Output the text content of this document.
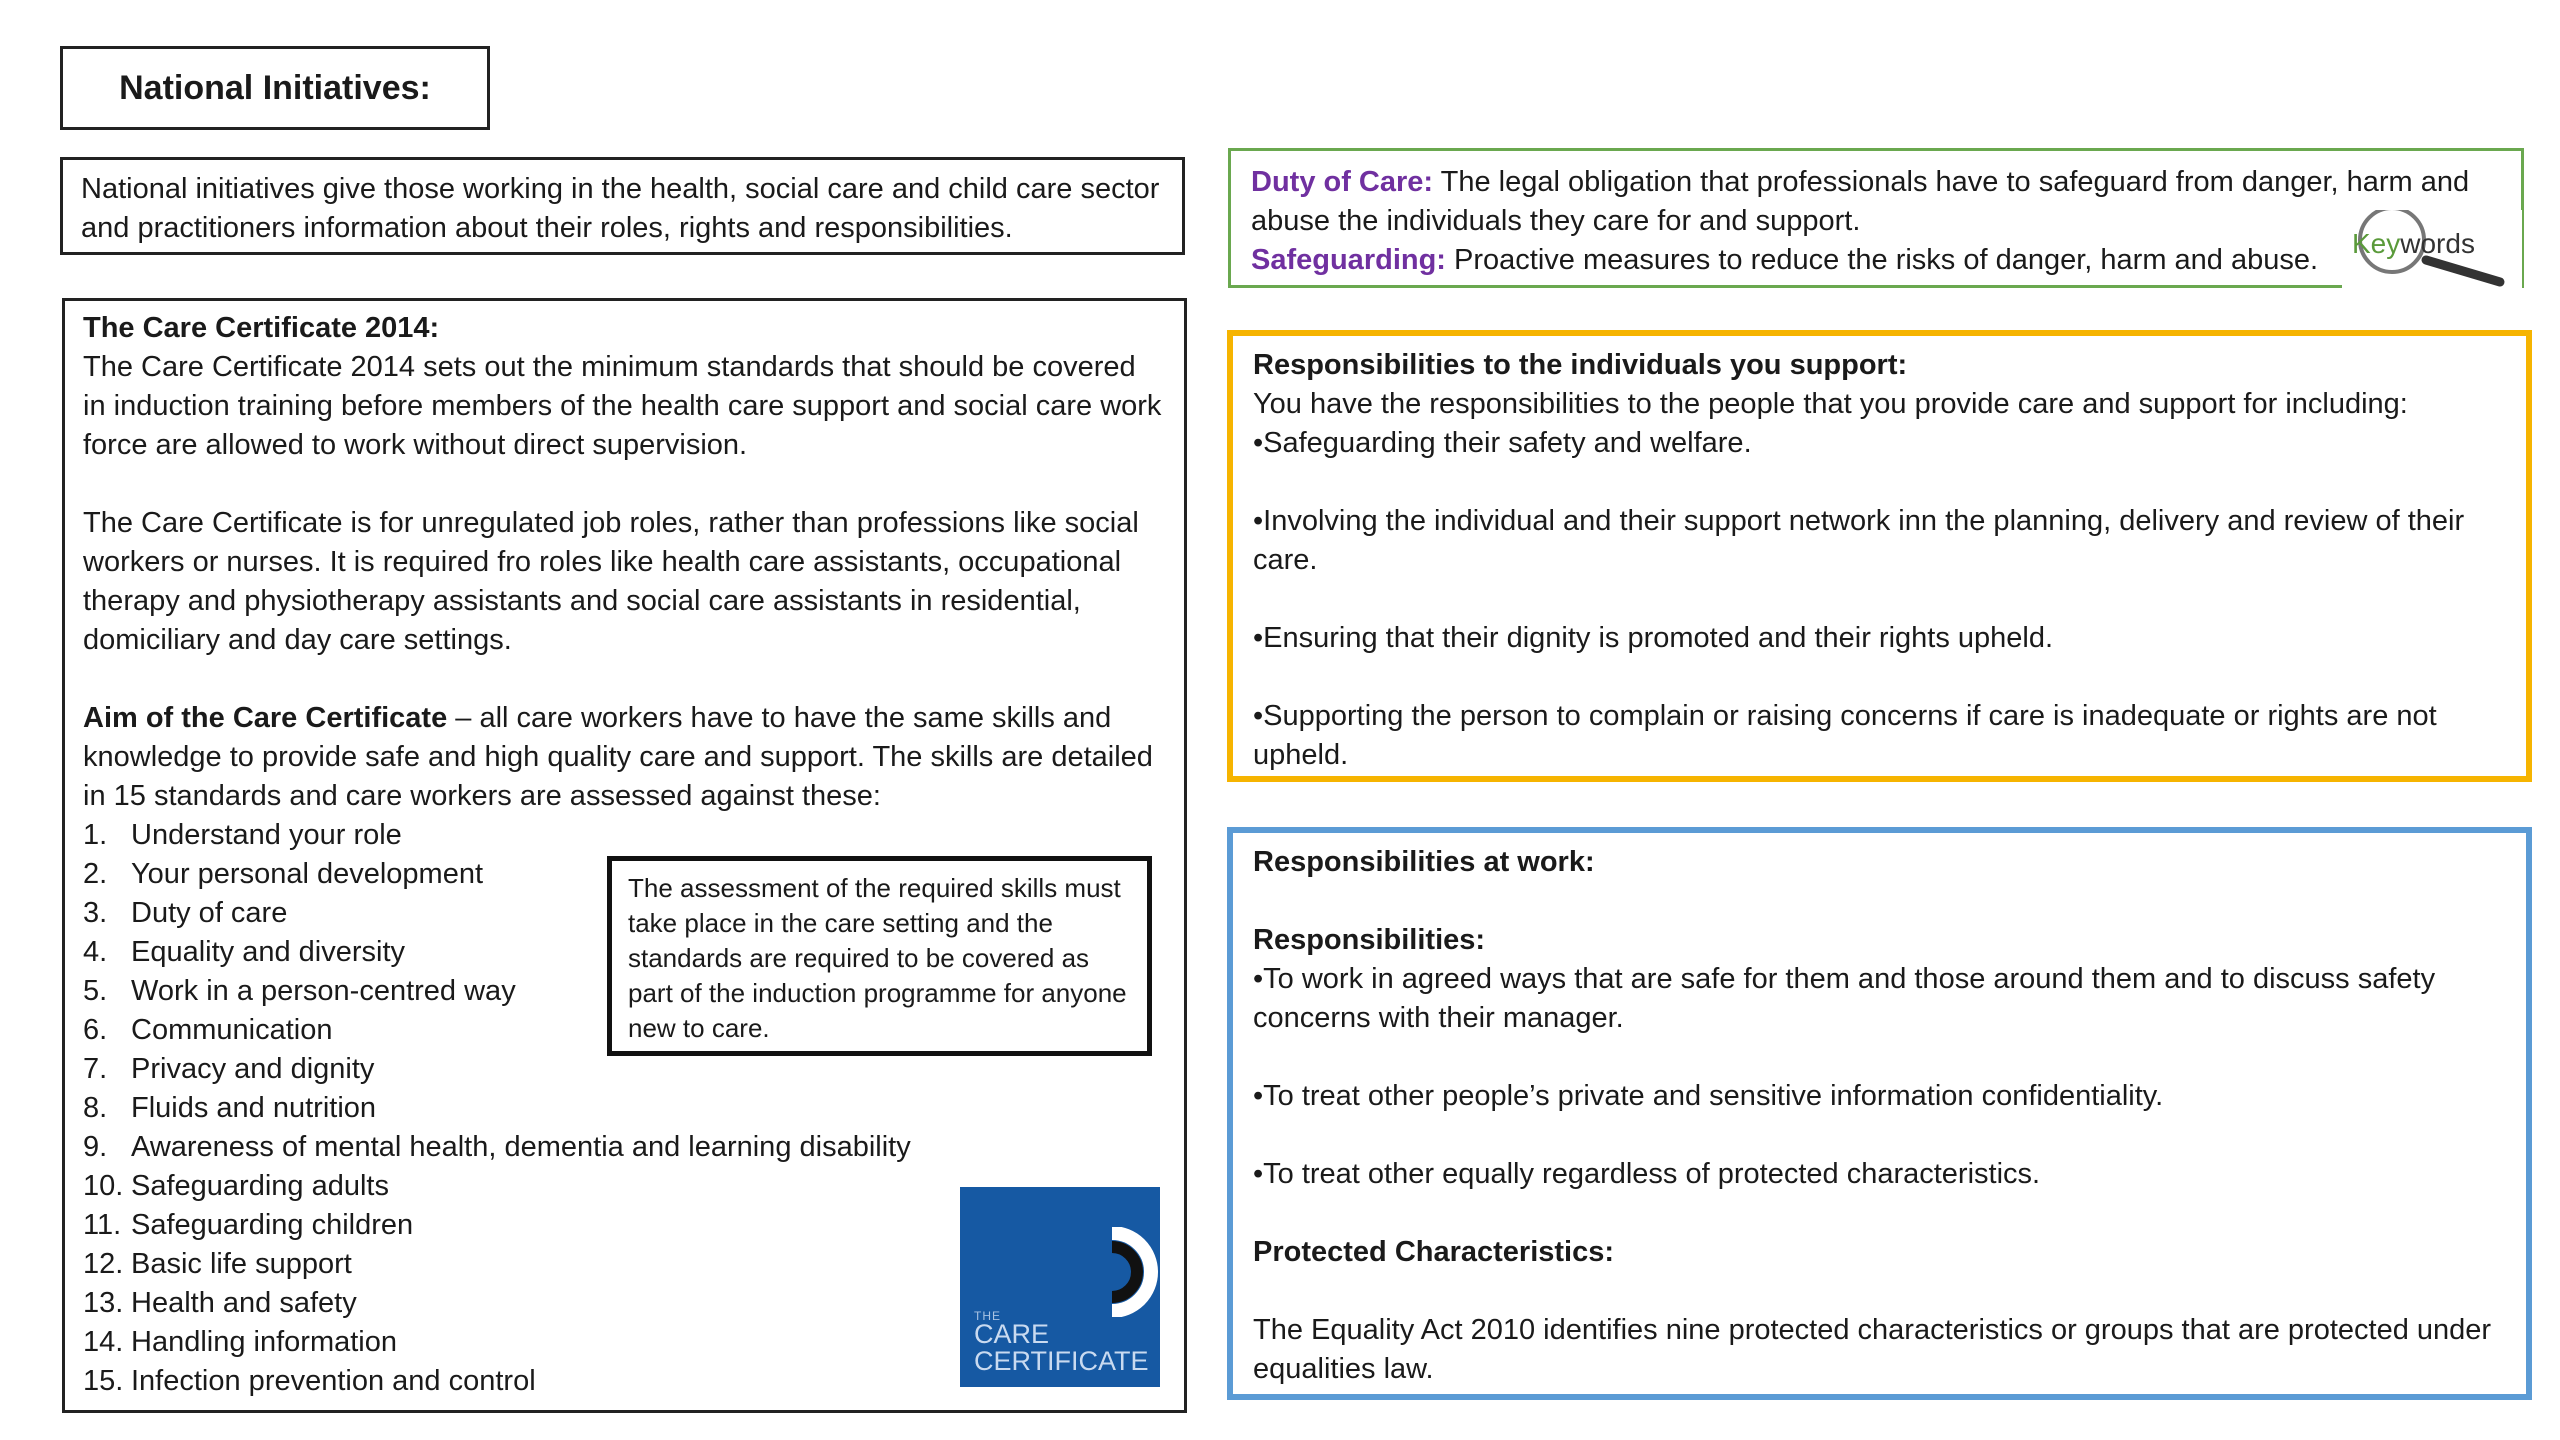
National Initiatives:
National initiatives give those working in the health, social care and child care sector and practitioners information about their roles, rights and responsibilities.

The Care Certificate 2014:

The Care Certificate 2014 sets out the minimum standards that should be covered in induction training before members of the health care support and social care work force are allowed to work without direct supervision.

The Care Certificate is for unregulated job roles, rather than professions like social workers or nurses. It is required fro roles like health care assistants, occupational therapy and physiotherapy assistants and social care assistants in residential, domiciliary and day care settings.

Aim of the Care Certificate – all care workers have to have the same skills and knowledge to provide safe and high quality care and support. The skills are detailed in 15 standards and care workers are assessed against these:

1. Understand your role
2. Your personal development
3. Duty of care
4. Equality and diversity
5. Work in a person-centred way
6. Communication
7. Privacy and dignity
8. Fluids and nutrition
9. Awareness of mental health, dementia and learning disability
10. Safeguarding adults
11. Safeguarding children
12. Basic life support
13. Health and safety
14. Handling information
15. Infection prevention and control
The assessment of the required skills must take place in the care setting and the standards are required to be covered as part of the induction programme for anyone new to care.
THE
CARE
CERTIFICATE
Duty of Care: The legal obligation that professionals have to safeguard from danger, harm and abuse the individuals they care for and support.
Safeguarding: Proactive measures to reduce the risks of danger, harm and abuse.
Keywords

Responsibilities to the individuals you support:

You have the responsibilities to the people that you provide care and support for including:

•Safeguarding their safety and welfare.

•Involving the individual and their support network inn the planning, delivery and review of their care.

•Ensuring that their dignity is promoted and their rights upheld.

•Supporting the person to complain or raising concerns if care is inadequate or rights are not upheld.

Responsibilities at work:

Responsibilities:

•To work in agreed ways that are safe for them and those around them and to discuss safety concerns with their manager.

•To treat other people’s private and sensitive information confidentiality.

•To treat other equally regardless of protected characteristics.

Protected Characteristics:

The Equality Act 2010 identifies nine protected characteristics or groups that are protected under equalities law.
